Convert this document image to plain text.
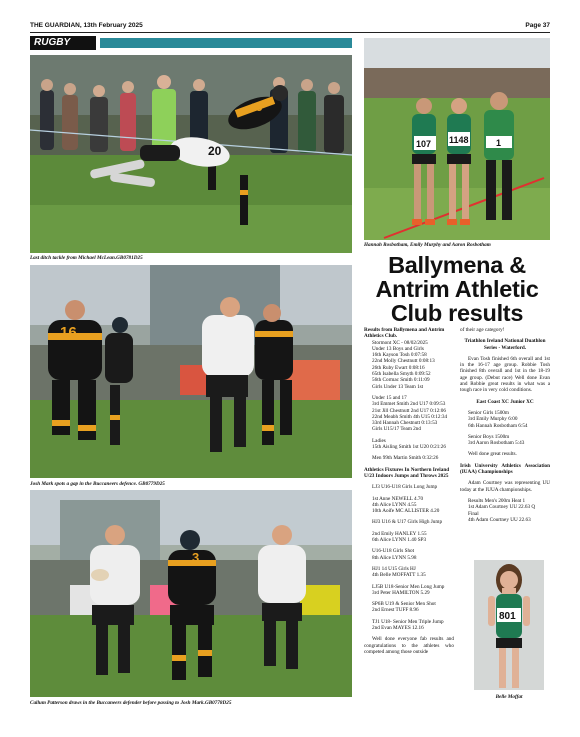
THE GUARDIAN, 13th February 2025	Page 37
RUGBY
15
20
Last ditch tackle from Michael McLean.GB0781D25
16
Josh Mark spots a gap in the Buccaneers defence. GB0779D25
3
Callum Patterson draws in the Buccaneers defender before passing to Josh Mark.GB0778D25
107 1148	1
Hannah Rosbotham, Emily Murphy and Aaron Rosbotham
Ballymena & Antrim Athletic Club results

Results from Ballymena and Antrim Athletics Club.

Stormont XC - 08/02/2025

Under 13 Boys and Girls

16th Kayson Tosh 0:07:58

22nd Molly Chestnutt 0:08:13

26th Ruby Ewart 0:08:16

65th Isabella Smyth 0:09:52

56th Cormac Smith 0:11:09

Girls Under 13 Team 1st

Under 15 and 17

3rd Emmet Smith 2nd U17 0:09:53

21st Jill Chestnutt 2nd U17 0:12:06

22nd Meabh Smith 4th U15 0:12:34

33rd Hannah Chestnutt 0:13:53

Girls U15/17 Team 2nd

Ladies

15th Aisling Smith 1st U20 0:21:26

Men 99th Martin Smith 0:32:26

Athletics Fixtures In Northern Ireland U/23 Indoors Jumps and Throws 2025

LJ3 U16-U18 Girls Long Jump

1st Anne NEWELL 4.70

4th Alice LYNN 4.55

10th Aoife MC ALLISTER 4.20

HJ3 U16 & U17 Girls High Jump

2nd Emily HANLEY 1.55

6th Alice LYNN 1.40 SP3

U16-U18 Girls Shot

8th Alice LYNN 5.98

HJ1 14 U15 Girls HJ

4th Belle MOFFATT 1.35

LJ5B U18-Senior Men Long Jump

3rd Peter HAMILTON 5.29

SP6B U19 & Senior Men Shot

2nd Ernest TUFF 8.96

TJ1 U18- Senior Men Triple Jump

2nd Evan MAYES 12.16

Well done everyone fab results and congratulations to the athletes who competed among those outside

of their age category!

Triathlon Ireland National Duathlon Series - Waterford.

Evan Tosh finished 6th overall and 1st in the 16-17 age group. Robbie Tosh finished 8th overall and 1st in the 18-19 age group. (Debut race) Well done Evan and Robbie great results in what was a tough race in very cold conditions.

East Coast XC Junior XC

Senior Girls 1500m

3rd Emily Murphy 6:00

6th Hannah Rosbotham 6:54

Senior Boys 1500m

3rd Aaron Rosbotham 5:43

Well done great results.

Irish University Athletics Association (IUAA) Championships

Adam Courtney was representing UU today at the IUUA championships.

Results Men's 200m Heat 1

1st Adam Courtney UU 22.63 Q

Final

4th Adam Courtney UU 22.63

801
Belle Moffat
